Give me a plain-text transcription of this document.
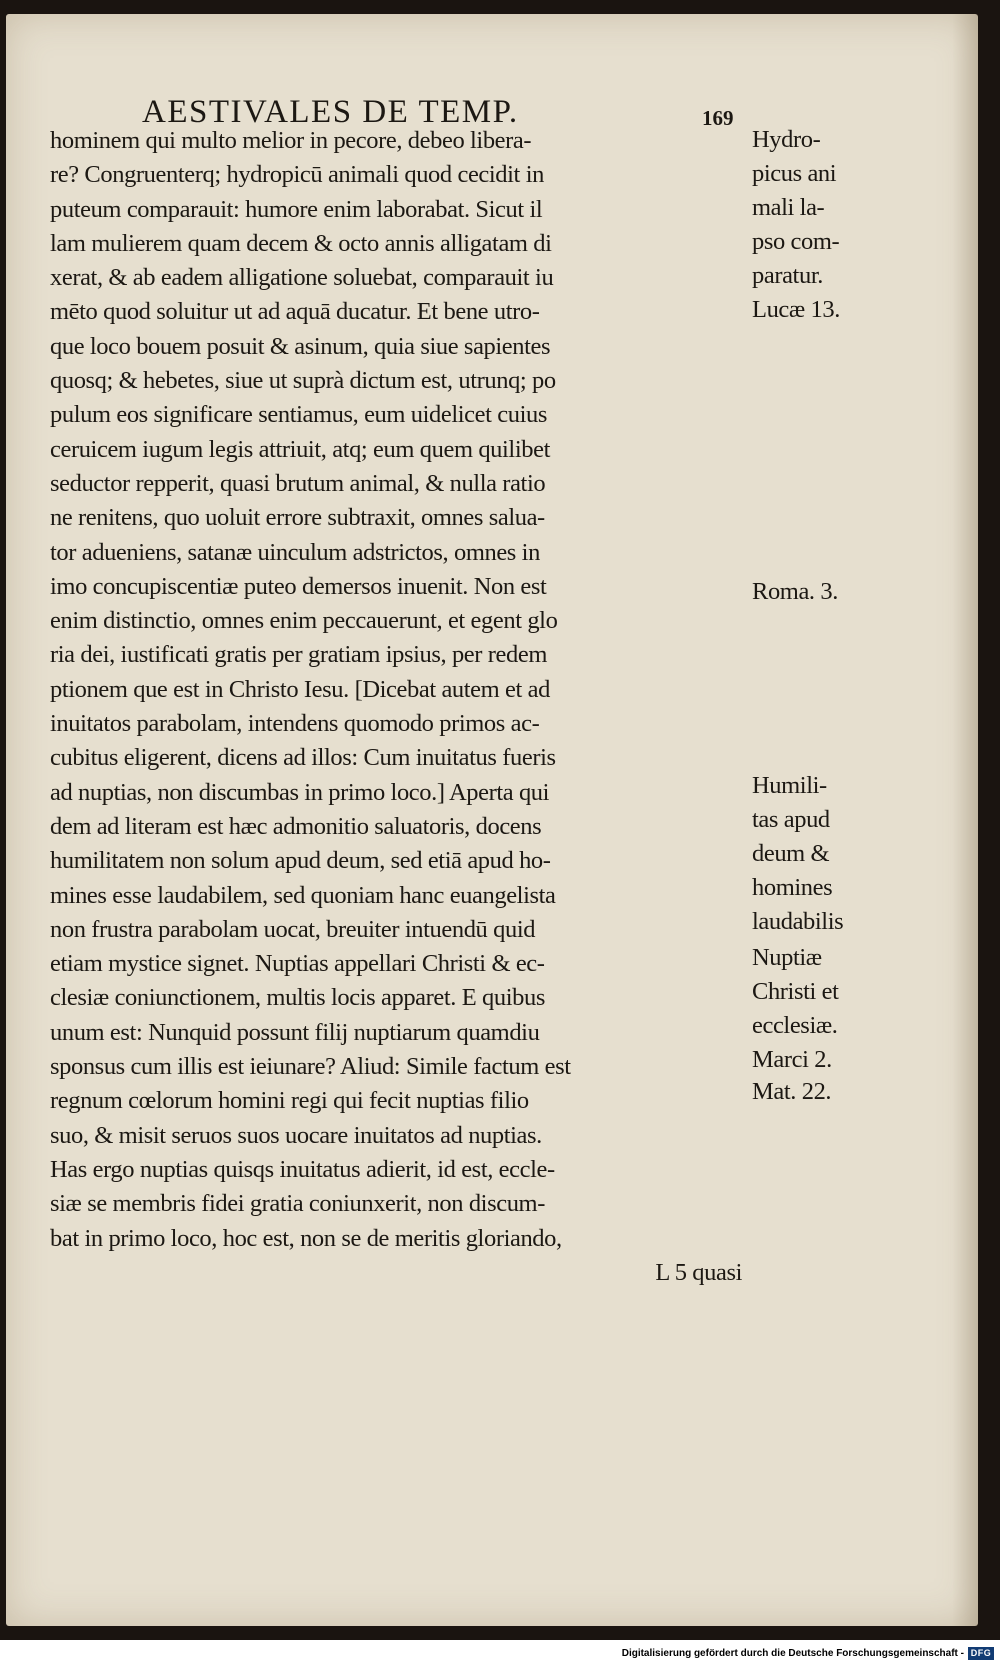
AESTIVALES DE TEMP.	169
hominem qui multo melior in pecore, debeo libera-
re? Congruenterq; hydropicū animali quod cecidit in
puteum comparauit: humore enim laborabat. Sicut il
lam mulierem quam decem & octo annis alligatam di
xerat, & ab eadem alligatione soluebat, comparauit iu
mēto quod soluitur ut ad aquā ducatur. Et bene utro-
que loco bouem posuit & asinum, quia siue sapientes
quosq; & hebetes, siue ut suprà dictum est, utrunq; po
pulum eos significare sentiamus, eum uidelicet cuius
ceruicem iugum legis attriuit, atq; eum quem quilibet
seductor repperit, quasi brutum animal, & nulla ratio
ne renitens, quo uoluit errore subtraxit, omnes salua-
tor adueniens, satanæ uinculum adstrictos, omnes in
imo concupiscentiæ puteo demersos inuenit. Non est
enim distinctio, omnes enim peccauerunt, et egent glo
ria dei, iustificati gratis per gratiam ipsius, per redem
ptionem que est in Christo Iesu. [Dicebat autem et ad
inuitatos parabolam, intendens quomodo primos ac-
cubitus eligerent, dicens ad illos: Cum inuitatus fueris
ad nuptias, non discumbas in primo loco.] Aperta qui
dem ad literam est hæc admonitio saluatoris, docens
humilitatem non solum apud deum, sed etiā apud ho-
mines esse laudabilem, sed quoniam hanc euangelista
non frustra parabolam uocat, breuiter intuendū quid
etiam mystice signet. Nuptias appellari Christi & ec-
clesiæ coniunctionem, multis locis apparet. E quibus
unum est: Nunquid possunt filij nuptiarum quamdiu
sponsus cum illis est ieiunare? Aliud: Simile factum est
regnum cœlorum homini regi qui fecit nuptias filio
suo, & misit seruos suos uocare inuitatos ad nuptias.
Has ergo nuptias quisqs inuitatus adierit, id est, eccle-
siæ se membris fidei gratia coniunxerit, non discum-
bat in primo loco, hoc est, non se de meritis gloriando,
L 5 quasi
Hydro-
picus ani
mali la-
pso com-
paratur.
Lucæ 13.
Roma. 3.
Humili-
tas apud
deum &
homines
laudabilis
Nuptiæ
Christi et
ecclesiæ.
Marci 2.
Mat. 22.
Digitalisierung gefördert durch die Deutsche Forschungsgemeinschaft - DFG
